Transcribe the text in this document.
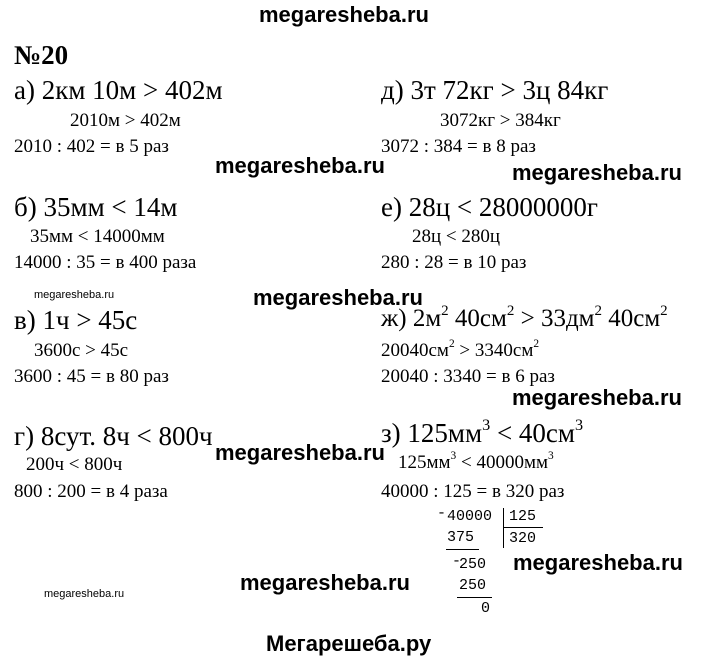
megaresheba.ru
№20
а) 2км 10м > 402м
2010м > 402м
2010 : 402 = в 5 раз
megaresheba.ru
б) 35мм < 14м
35мм < 14000мм
14000 : 35 = в 400 раза
megaresheba.ru	megaresheba.ru
в) 1ч > 45с
3600с > 45с
3600 : 45 = в 80 раз
г) 8сут. 8ч < 800ч
megaresheba.ru
200ч < 800ч
800 : 200 = в 4 раза
д) 3т 72кг > 3ц 84кг
3072кг > 384кг
3072 : 384 = в 8 раз
megaresheba.ru
е) 28ц < 28000000г
28ц < 280ц
280 : 28 = в 10 раз
ж) $2м^2$ $40см^2 > 33дм^2$ $40см^2$
$20040см^2 > 3340см^2$
20040 : 3340 = в 6 раз
megaresheba.ru
з) $125мм^3 < 40см^3$
$125мм^3 < 40000мм^3$
40000 : 125 = в 320 раз
- 40000 125
320
375
-
250
250
0
megaresheba.ru
megaresheba.ru	megaresheba.ru
Мегарешеба.ру
